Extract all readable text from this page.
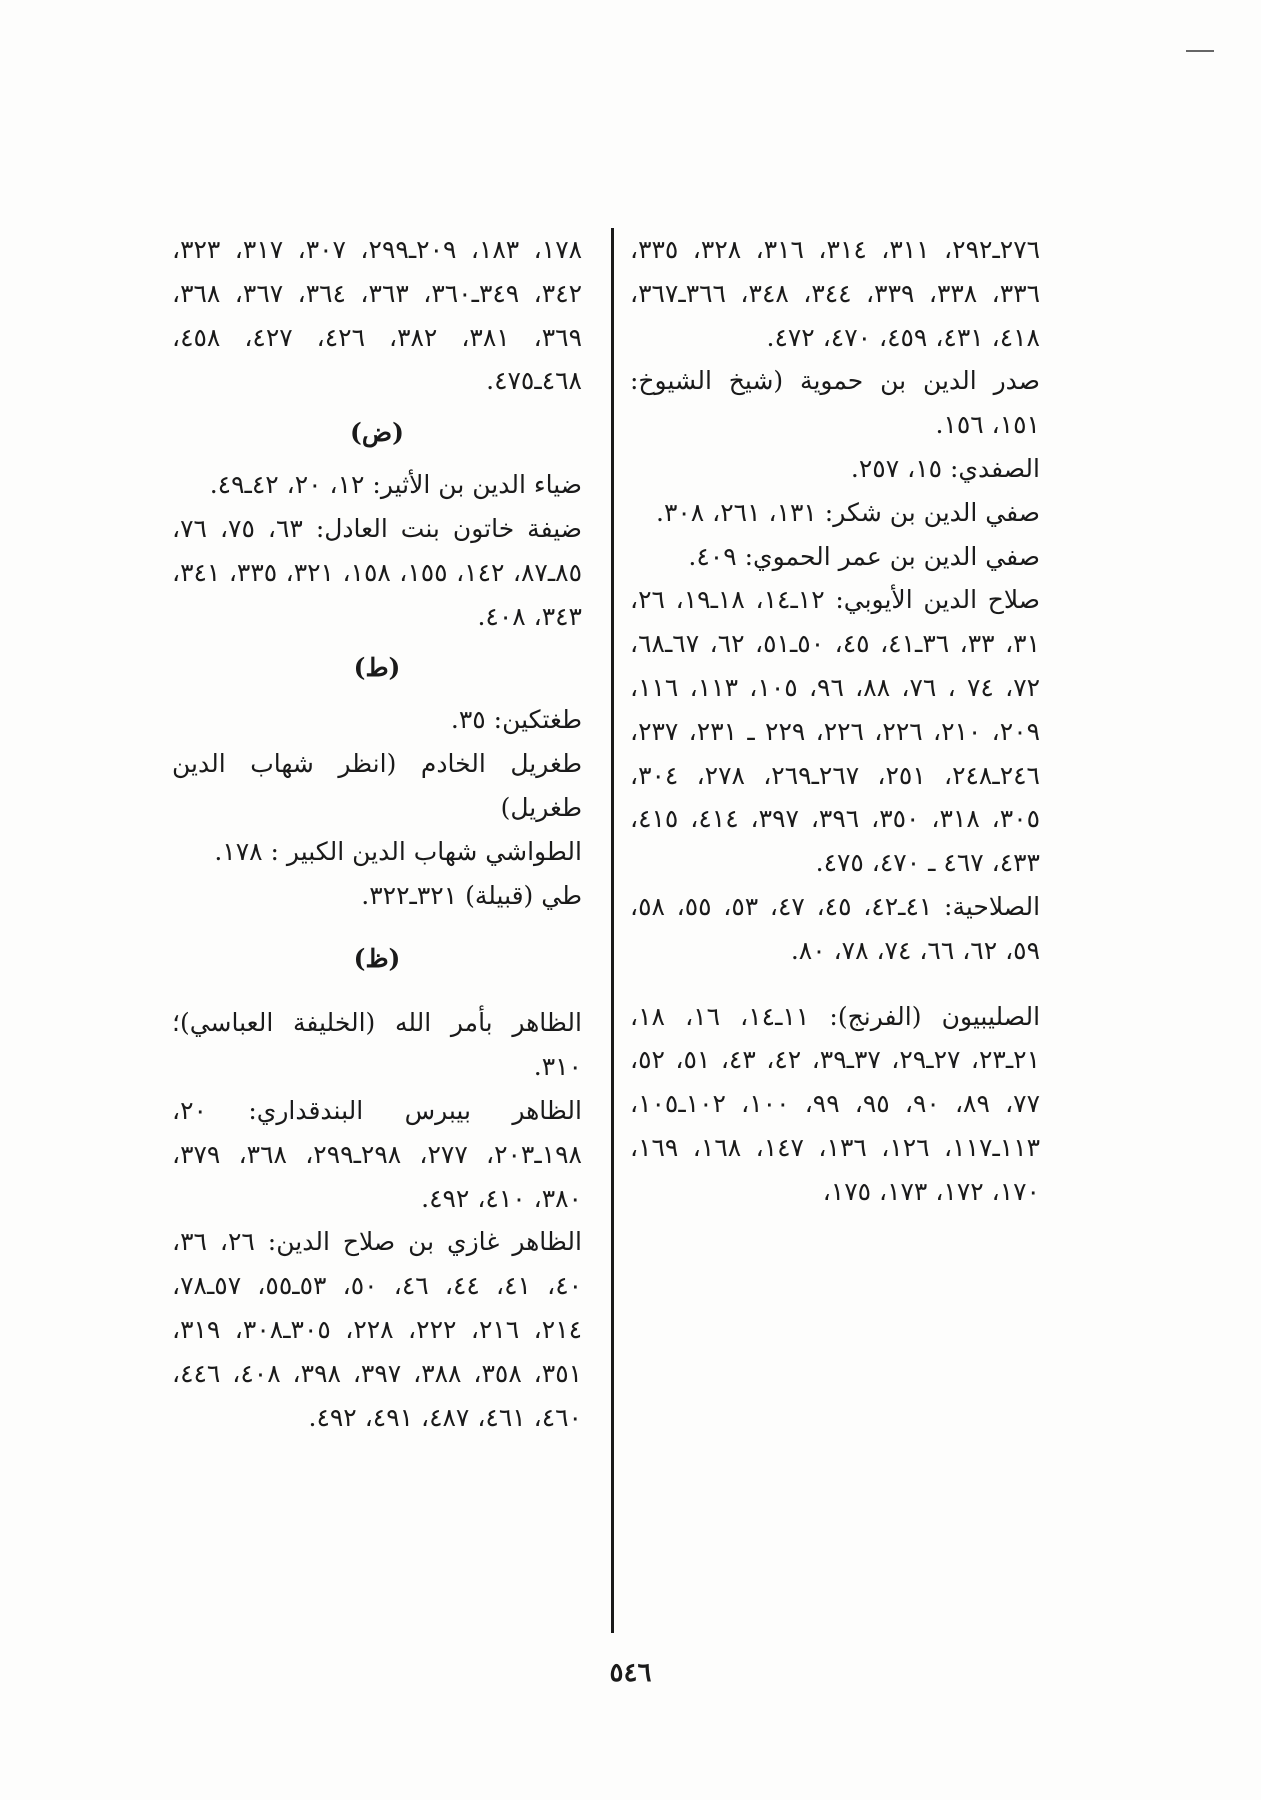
٢٧٦ـ٢٩٢، ٣١١، ٣١٤، ٣١٦، ٣٢٨، ٣٣٥، ٣٣٦، ٣٣٨، ٣٣٩، ٣٤٤، ٣٤٨، ٣٦٦ـ٣٦٧، ٤١٨، ٤٣١، ٤٥٩، ٤٧٠، ٤٧٢.

صدر الدين بن حموية (شيخ الشيوخ: ١٥١، ١٥٦.

الصفدي: ١٥، ٢٥٧.

صفي الدين بن شكر: ١٣١، ٢٦١، ٣٠٨.

صفي الدين بن عمر الحموي: ٤٠٩.

صلاح الدين الأيوبي: ١٢ـ١٤، ١٨ـ١٩، ٢٦، ٣١، ٣٣، ٣٦ـ٤١، ٤٥، ٥٠ـ٥١، ٦٢، ٦٧ـ٦٨، ٧٢، ٧٤ ، ٧٦، ٨٨، ٩٦، ١٠٥، ١١٣، ١١٦، ٢٠٩، ٢١٠، ٢٢٦، ٢٢٦، ٢٢٩ ـ ٢٣١، ٢٣٧، ٢٤٦ـ٢٤٨، ٢٥١، ٢٦٧ـ٢٦٩، ٢٧٨، ٣٠٤، ٣٠٥، ٣١٨، ٣٥٠، ٣٩٦، ٣٩٧، ٤١٤، ٤١٥، ٤٣٣، ٤٦٧ ـ ٤٧٠، ٤٧٥.

الصلاحية: ٤١ـ٤٢، ٤٥، ٤٧، ٥٣، ٥٥، ٥٨، ٥٩، ٦٢، ٦٦، ٧٤، ٧٨، ٨٠.

الصليبيون (الفرنج): ١١ـ١٤، ١٦، ١٨، ٢١ـ٢٣، ٢٧ـ٢٩، ٣٧ـ٣٩، ٤٢، ٤٣، ٥١، ٥٢، ٧٧، ٨٩، ٩٠، ٩٥، ٩٩، ١٠٠، ١٠٢ـ١٠٥، ١١٣ـ١١٧، ١٢٦، ١٣٦، ١٤٧، ١٦٨، ١٦٩، ١٧٠، ١٧٢، ١٧٣، ١٧٥،

١٧٨، ١٨٣، ٢٠٩ـ٢٩٩، ٣٠٧، ٣١٧، ٣٢٣، ٣٤٢، ٣٤٩ـ٣٦٠، ٣٦٣، ٣٦٤، ٣٦٧، ٣٦٨، ٣٦٩، ٣٨١، ٣٨٢، ٤٢٦، ٤٢٧، ٤٥٨، ٤٦٨ـ٤٧٥.

(ض)

ضياء الدين بن الأثير: ١٢، ٢٠، ٤٢ـ٤٩.

ضيفة خاتون بنت العادل: ٦٣، ٧٥، ٧٦، ٨٥ـ٨٧، ١٤٢، ١٥٥، ١٥٨، ٣٢١، ٣٣٥، ٣٤١، ٣٤٣، ٤٠٨.

(ط)

طغتكين: ٣٥.

طغريل الخادم (انظر شهاب الدين طغريل)

الطواشي شهاب الدين الكبير : ١٧٨.

طي (قبيلة) ٣٢١ـ٣٢٢.

(ظ)

الظاهر بأمر الله (الخليفة العباسي)؛ ٣١٠.

الظاهر بيبرس البندقداري: ٢٠، ١٩٨ـ٢٠٣، ٢٧٧، ٢٩٨ـ٢٩٩، ٣٦٨، ٣٧٩، ٣٨٠، ٤١٠، ٤٩٢.

الظاهر غازي بن صلاح الدين: ٢٦، ٣٦، ٤٠، ٤١، ٤٤، ٤٦، ٥٠، ٥٣ـ٥٥، ٥٧ـ٧٨، ٢١٤، ٢١٦، ٢٢٢، ٢٢٨، ٣٠٥ـ٣٠٨، ٣١٩، ٣٥١، ٣٥٨، ٣٨٨، ٣٩٧، ٣٩٨، ٤٠٨، ٤٤٦، ٤٦٠، ٤٦١، ٤٨٧، ٤٩١، ٤٩٢.

٥٤٦
